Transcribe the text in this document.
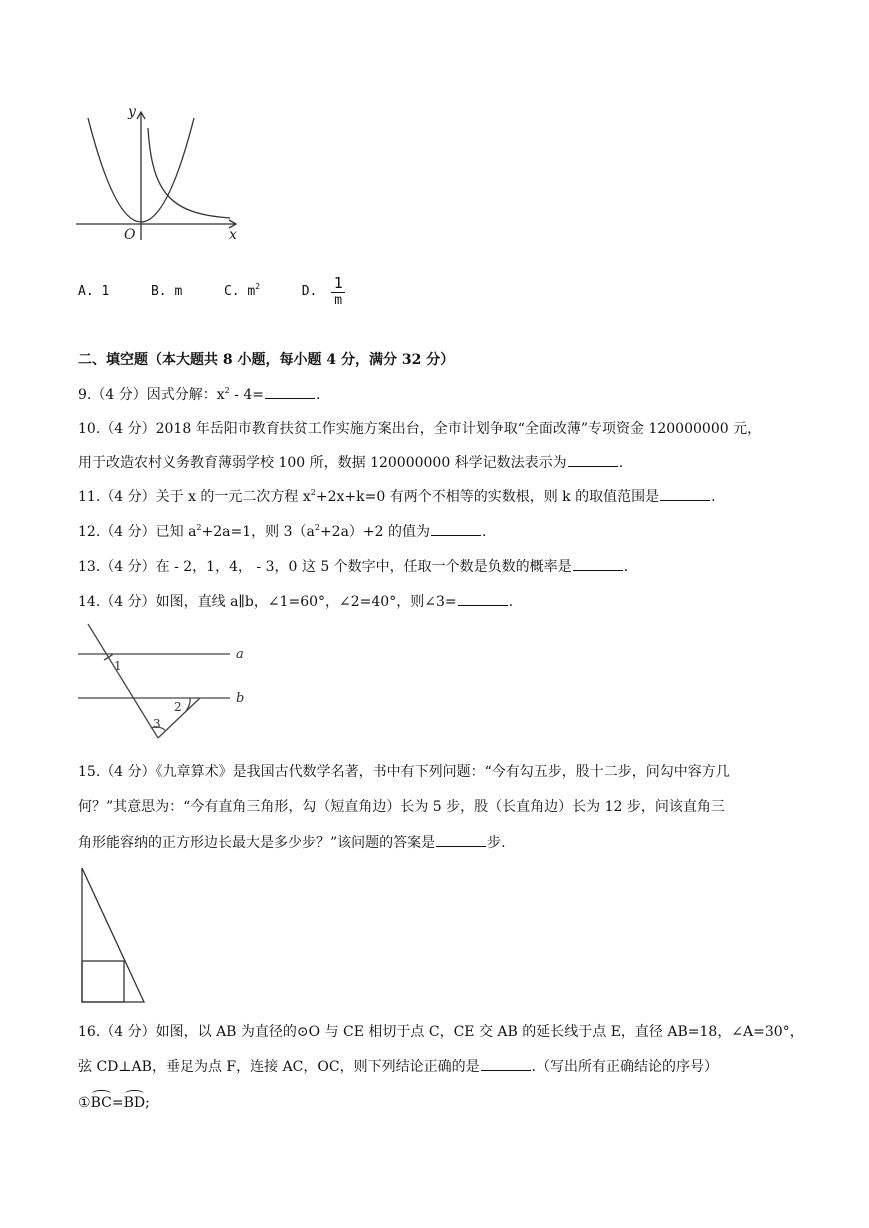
y
x
O
A. 1	B. m	C. $m^2$	D. $\frac{1}{m}$
二、填空题（本大题共 8 小题，每小题 4 分，满分 32 分）
9.（4 分）因式分解：$x^2 - 4=$	.
10.（4 分）2018 年岳阳市教育扶贫工作实施方案出台，全市计划争取“全面改薄”专项资金 120000000 元，
用于改造农村义务教育薄弱学校 100 所，数据 120000000 科学记数法表示为	.
11.（4 分）关于 x 的一元二次方程 $x^2+2x+k=0$ 有两个不相等的实数根，则 k 的取值范围是	.
12.（4 分）已知 $a^2+2a=1$，则 $3(a^2+2a)+2$ 的值为	.
13.（4 分）在 - 2，1，4， - 3，0 这 5 个数字中，任取一个数是负数的概率是	.
14.（4 分）如图，直线 a∥b，∠1=60°，∠2=40°，则∠3=	.
a
b
1
2
3
15.（4 分）《九章算术》是我国古代数学名著，书中有下列问题：“今有勾五步，股十二步，问勾中容方几
何？”其意思为：“今有直角三角形，勾（短直角边）长为 5 步，股（长直角边）长为 12 步，问该直角三
角形能容纳的正方形边长最大是多少步？”该问题的答案是	步.
16.（4 分）如图，以 AB 为直径的⊙O 与 CE 相切于点 C，CE 交 AB 的延长线于点 E，直径 AB=18，∠A=30°，
弦 CD⊥AB，垂足为点 F，连接 AC，OC，则下列结论正确的是	.（写出所有正确结论的序号）
①BC=BD;
